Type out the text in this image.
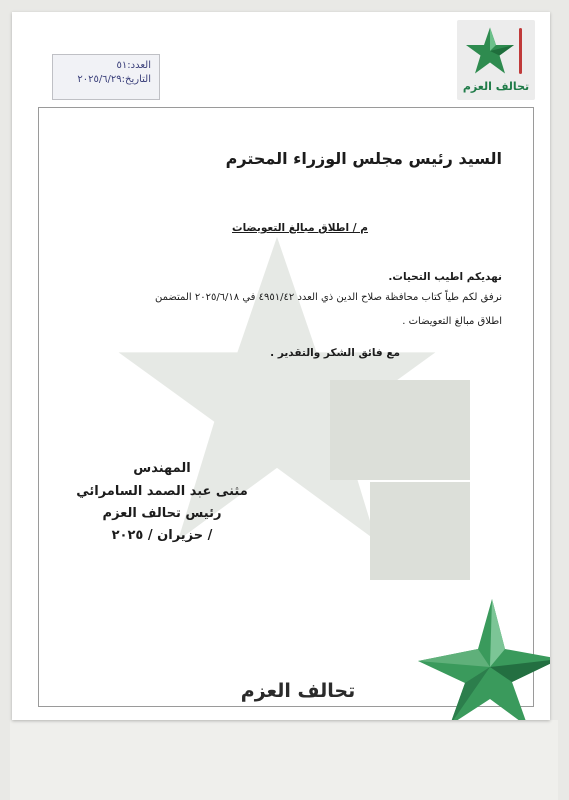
العدد:٥١
التاريخ:٢٠٢٥/٦/٢٩
تحالف العزم
السيد رئيس مجلس الوزراء المحترم
م / اطلاق مبالغ التعويضات
نهديكم اطيب التحيات.
نرفق لكم طياً كتاب محافظة صلاح الدين ذي العدد ٤٩٥١/٤٢ في ٢٠٢٥/٦/١٨ المتضمن
اطلاق مبالغ التعويضات .
مع فائق الشكر والتقدير .
المهندس
مثنى عبد الصمد السامرائي
رئيس تحالف العزم
/ حزيران / ٢٠٢٥
تحالف العزم
